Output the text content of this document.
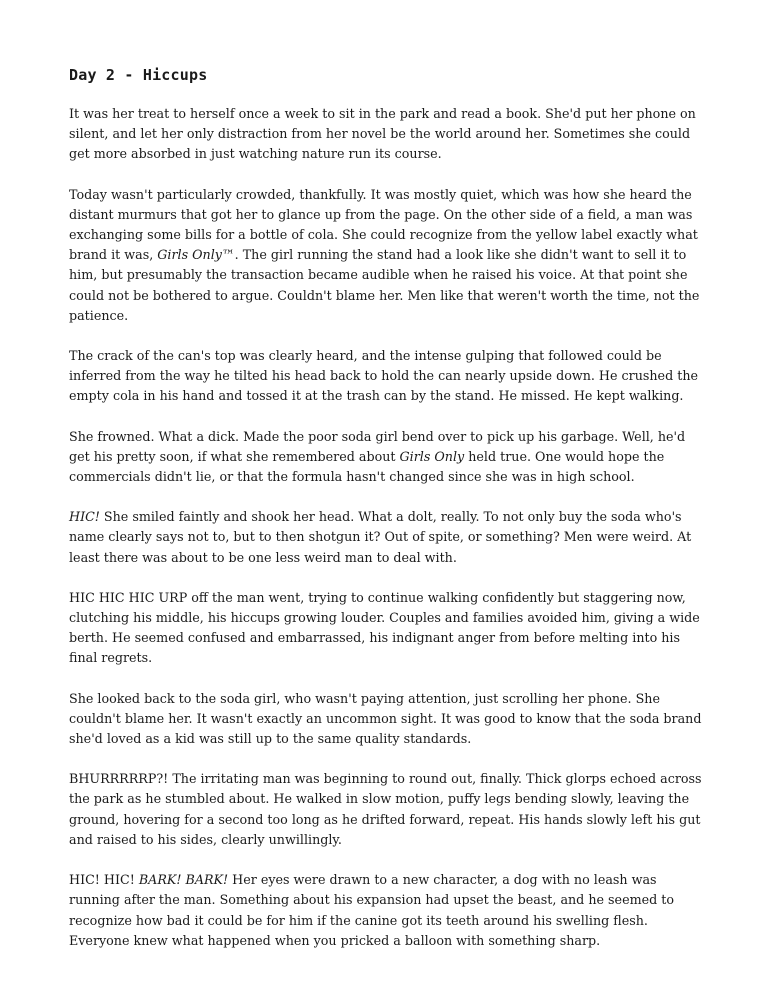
Day 2 - Hiccups

It was her treat to herself once a week to sit in the park and read a book. She'd put her phone on silent, and let her only distraction from her novel be the world around her. Sometimes she could get more absorbed in just watching nature run its course.

Today wasn't particularly crowded, thankfully. It was mostly quiet, which was how she heard the distant murmurs that got her to glance up from the page. On the other side of a field, a man was exchanging some bills for a bottle of cola. She could recognize from the yellow label exactly what brand it was, Girls Only™. The girl running the stand had a look like she didn't want to sell it to him, but presumably the transaction became audible when he raised his voice. At that point she could not be bothered to argue. Couldn't blame her. Men like that weren't worth the time, not the patience.

The crack of the can's top was clearly heard, and the intense gulping that followed could be inferred from the way he tilted his head back to hold the can nearly upside down. He crushed the empty cola in his hand and tossed it at the trash can by the stand. He missed. He kept walking.

She frowned. What a dick. Made the poor soda girl bend over to pick up his garbage. Well, he'd get his pretty soon, if what she remembered about Girls Only held true. One would hope the commercials didn't lie, or that the formula hasn't changed since she was in high school.

HIC! She smiled faintly and shook her head. What a dolt, really. To not only buy the soda who's name clearly says not to, but to then shotgun it? Out of spite, or something? Men were weird. At least there was about to be one less weird man to deal with.

HIC HIC HIC URP off the man went, trying to continue walking confidently but staggering now, clutching his middle, his hiccups growing louder. Couples and families avoided him, giving a wide berth. He seemed confused and embarrassed, his indignant anger from before melting into his final regrets.

She looked back to the soda girl, who wasn't paying attention, just scrolling her phone. She couldn't blame her. It wasn't exactly an uncommon sight. It was good to know that the soda brand she'd loved as a kid was still up to the same quality standards.

BHURRRRRP?! The irritating man was beginning to round out, finally. Thick glorps echoed across the park as he stumbled about. He walked in slow motion, puffy legs bending slowly, leaving the ground, hovering for a second too long as he drifted forward, repeat. His hands slowly left his gut and raised to his sides, clearly unwillingly.

HIC! HIC! BARK! BARK! Her eyes were drawn to a new character, a dog with no leash was running after the man. Something about his expansion had upset the beast, and he seemed to recognize how bad it could be for him if the canine got its teeth around his swelling flesh. Everyone knew what happened when you pricked a balloon with something sharp.
